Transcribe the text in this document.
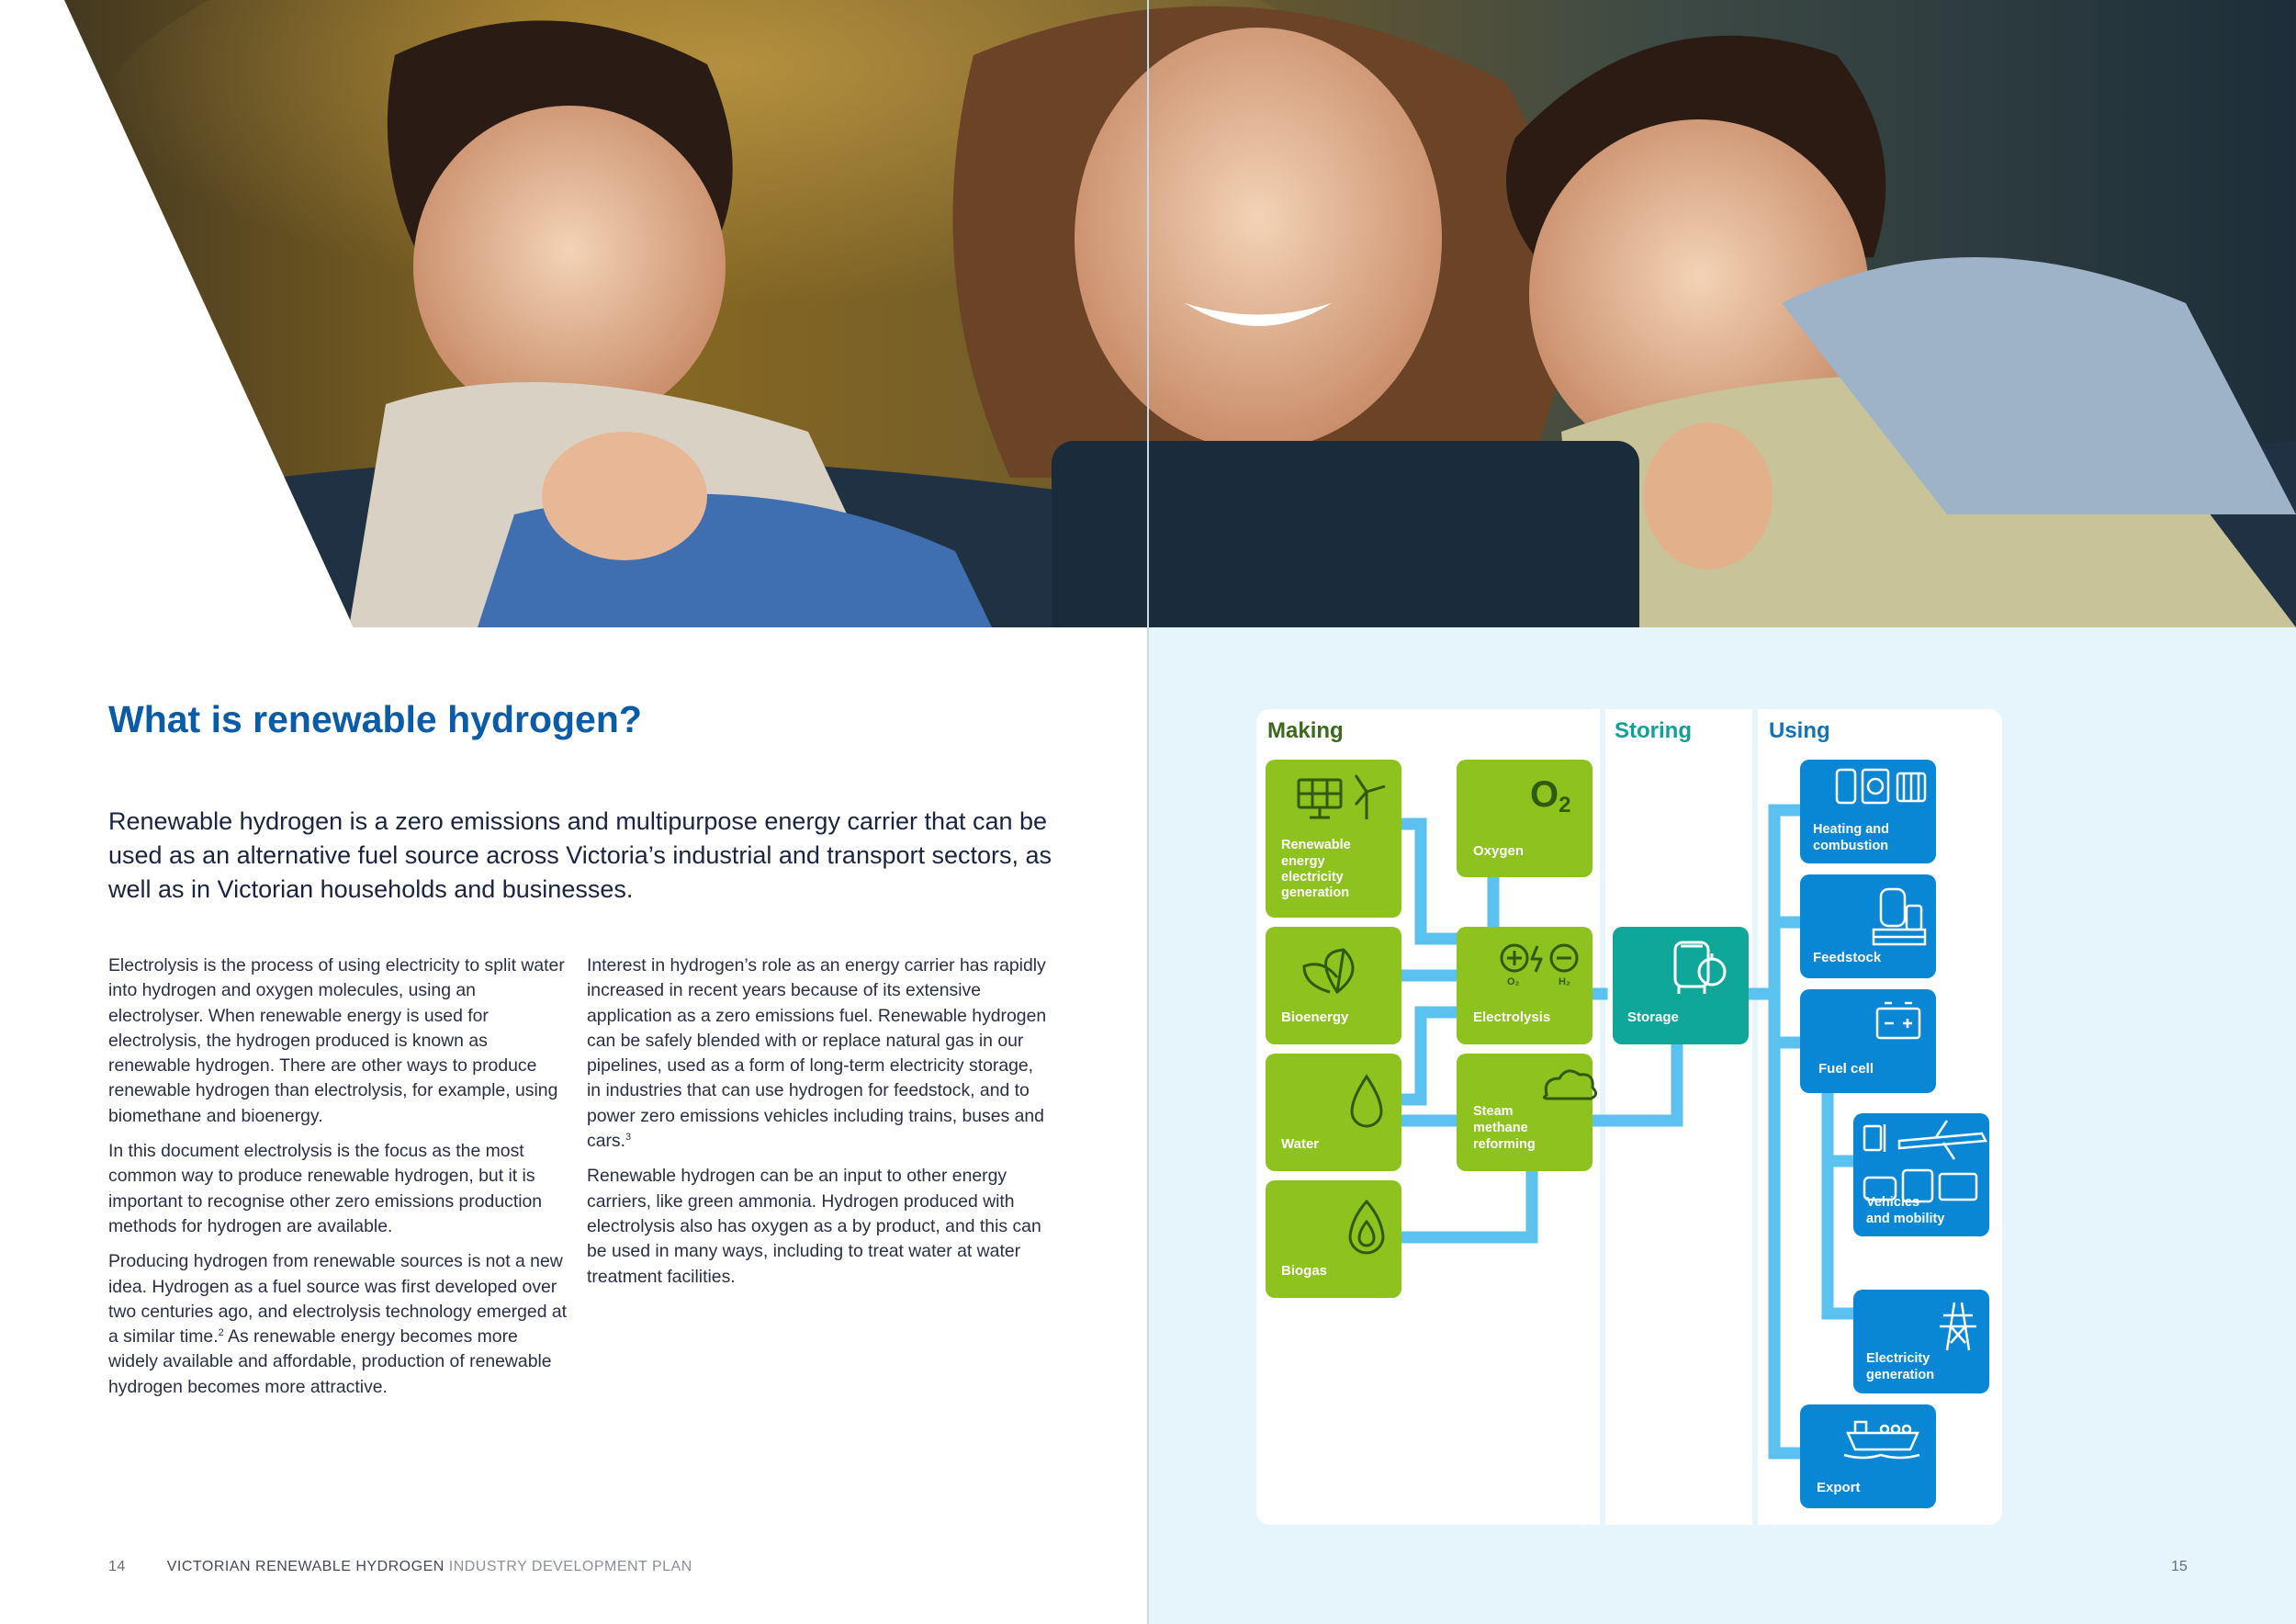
What is renewable hydrogen?

Renewable hydrogen is a zero emissions and multipurpose energy carrier that can be used as an alternative fuel source across Victoria’s industrial and transport sectors, as well as in Victorian households and businesses.

Electrolysis is the process of using electricity to split water into hydrogen and oxygen molecules, using an electrolyser. When renewable energy is used for electrolysis, the hydrogen produced is known as renewable hydrogen. There are other ways to produce renewable hydrogen than electrolysis, for example, using biomethane and bioenergy.

In this document electrolysis is the focus as the most common way to produce renewable hydrogen, but it is important to recognise other zero emissions production methods for hydrogen are available.

Producing hydrogen from renewable sources is not a new idea. Hydrogen as a fuel source was first developed over two centuries ago, and electrolysis technology emerged at a similar time.$^2$ As renewable energy becomes more widely available and affordable, production of renewable hydrogen becomes more attractive.

Interest in hydrogen’s role as an energy carrier has rapidly increased in recent years because of its extensive application as a zero emissions fuel. Renewable hydrogen can be safely blended with or replace natural gas in our pipelines, used as a form of long-term electricity storage, in industries that can use hydrogen for feedstock, and to power zero emissions vehicles including trains, buses and cars.$^3$

Renewable hydrogen can be an input to other energy carriers, like green ammonia. Hydrogen produced with electrolysis also has oxygen as a by product, and this can be used in many ways, including to treat water at water treatment facilities.

14	VICTORIAN RENEWABLE HYDROGEN INDUSTRY DEVELOPMENT PLAN	15
Making	Storing	Using
Renewable energy electricity generation
Bioenergy
Water
Biogas
O2
Oxygen
O₂	H₂
Electrolysis
Steam methane reforming
Storage
Heating and combustion
Feedstock
Fuel cell
Vehicles and mobility
Electricity generation
Export
